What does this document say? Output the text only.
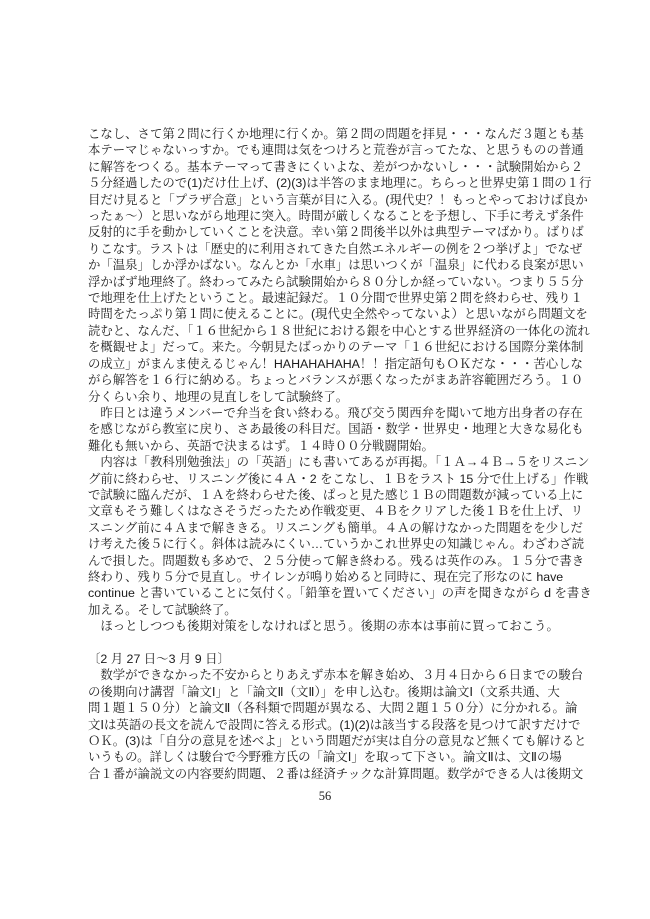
こなし、さて第２問に行くか地理に行くか。第２問の問題を拝見・・・なんだ３題とも基
本テーマじゃないっすか。でも連問は気をつけろと荒巻が言ってたな、と思うものの普通
に解答をつくる。基本テーマって書きにくいよな、差がつかないし・・・試験開始から２
５分経過したので(1)だけ仕上げ、(2)(3)は半答のまま地理に。ちらっと世界史第１問の１行
目だけ見ると「プラザ合意」という言葉が目に入る。(現代史？！もっとやっておけば良か
ったぁ～）と思いながら地理に突入。時間が厳しくなることを予想し、下手に考えず条件
反射的に手を動かしていくことを決意。幸い第２問後半以外は典型テーマばかり。ばりば
りこなす。ラストは「歴史的に利用されてきた自然エネルギーの例を２つ挙げよ」でなぜ
か「温泉」しか浮かばない。なんとか「水車」は思いつくが「温泉」に代わる良案が思い
浮かばず地理終了。終わってみたら試験開始から８０分しか経っていない。つまり５５分
で地理を仕上げたということ。最速記録だ。１０分間で世界史第２問を終わらせ、残り１
時間をたっぷり第１問に使えることに。(現代史全然やってないよ）と思いながら問題文を
読むと、なんだ、「１６世紀から１８世紀における銀を中心とする世界経済の一体化の流れ
を概観せよ」だって。来た。今朝見たばっかりのテーマ「１６世紀における国際分業体制
の成立」がまんま使えるじゃん！HAHAHAHAHA！！指定語句もＯＫだな・・・苦心しな
がら解答を１６行に納める。ちょっとバランスが悪くなったがまあ許容範囲だろう。１０
分くらい余り、地理の見直しをして試験終了。
　昨日とは違うメンバーで弁当を食い終わる。飛び交う関西弁を聞いて地方出身者の存在
を感じながら教室に戻り、さあ最後の科目だ。国語・数学・世界史・地理と大きな易化も
難化も無いから、英語で決まるはず。１４時００分戦闘開始。
　内容は「教科別勉強法」の「英語」にも書いてあるが再掲。「１Ａ→４Ｂ→５をリスニン
グ前に終わらせ、リスニング後に４Ａ・2 をこなし、１Ｂをラスト 15 分で仕上げる」作戦
で試験に臨んだが、１Ａを終わらせた後、ぱっと見た感じ１Ｂの問題数が減っている上に
文章もそう難しくはなさそうだったため作戦変更、４Ｂをクリアした後１Ｂを仕上げ、リ
スニング前に４Ａまで解ききる。リスニングも簡単。４Ａの解けなかった問題をを少しだ
け考えた後５に行く。斜体は読みにくい…ていうかこれ世界史の知識じゃん。わざわざ読
んで損した。問題数も多めで、２５分使って解き終わる。残るは英作のみ。１５分で書き
終わり、残り５分で見直し。サイレンが鳴り始めると同時に、現在完了形なのに have
continue と書いていることに気付く。「鉛筆を置いてください」の声を聞きながら d を書き
加える。そして試験終了。
　ほっとしつつも後期対策をしなければと思う。後期の赤本は事前に買っておこう。
〔2 月 27 日～3 月 9 日〕
　数学ができなかった不安からとりあえず赤本を解き始め、３月４日から６日までの駿台
の後期向け講習「論文Ⅰ」と「論文Ⅱ（文Ⅱ）」を申し込む。後期は論文Ⅰ（文系共通、大
問１題１５０分）と論文Ⅱ（各科類で問題が異なる、大問２題１５０分）に分かれる。論
文Ⅰは英語の長文を読んで設問に答える形式。(1)(2)は該当する段落を見つけて訳すだけで
ＯＫ。(3)は「自分の意見を述べよ」という問題だが実は自分の意見など無くても解けると
いうもの。詳しくは駿台で今野雅方氏の「論文Ⅰ」を取って下さい。論文Ⅱは、文Ⅱの場
合１番が論説文の内容要約問題、２番は経済チックな計算問題。数学ができる人は後期文
56
